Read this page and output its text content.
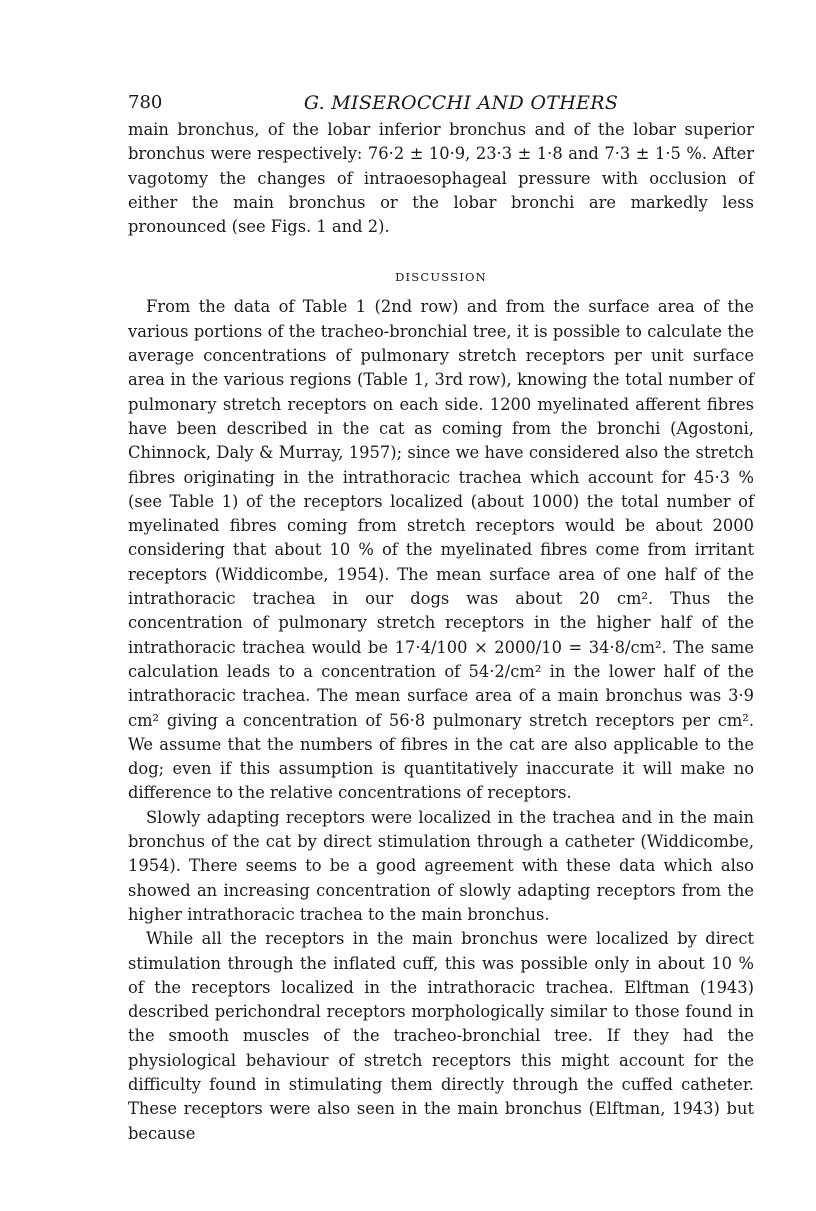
780	G. MISEROCCHI AND OTHERS

main bronchus, of the lobar inferior bronchus and of the lobar superior bronchus were respectively: 76·2 ± 10·9, 23·3 ± 1·8 and 7·3 ± 1·5 %. After vagotomy the changes of intraoesophageal pressure with occlusion of either the main bronchus or the lobar bronchi are markedly less pronounced (see Figs. 1 and 2).

DISCUSSION

From the data of Table 1 (2nd row) and from the surface area of the various portions of the tracheo-bronchial tree, it is possible to calculate the average concentrations of pulmonary stretch receptors per unit surface area in the various regions (Table 1, 3rd row), knowing the total number of pulmonary stretch receptors on each side. 1200 myelinated afferent fibres have been described in the cat as coming from the bronchi (Agostoni, Chinnock, Daly & Murray, 1957); since we have considered also the stretch fibres originating in the intrathoracic trachea which account for 45·3 % (see Table 1) of the receptors localized (about 1000) the total number of myelinated fibres coming from stretch receptors would be about 2000 considering that about 10 % of the myelinated fibres come from irritant receptors (Widdicombe, 1954). The mean surface area of one half of the intrathoracic trachea in our dogs was about 20 cm². Thus the concentration of pulmonary stretch receptors in the higher half of the intrathoracic trachea would be 17·4/100 × 2000/10 = 34·8/cm². The same calculation leads to a concentration of 54·2/cm² in the lower half of the intrathoracic trachea. The mean surface area of a main bronchus was 3·9 cm² giving a concentration of 56·8 pulmonary stretch receptors per cm². We assume that the numbers of fibres in the cat are also applicable to the dog; even if this assumption is quantitatively inaccurate it will make no difference to the relative concentrations of receptors.

Slowly adapting receptors were localized in the trachea and in the main bronchus of the cat by direct stimulation through a catheter (Widdicombe, 1954). There seems to be a good agreement with these data which also showed an increasing concentration of slowly adapting receptors from the higher intrathoracic trachea to the main bronchus.

While all the receptors in the main bronchus were localized by direct stimulation through the inflated cuff, this was possible only in about 10 % of the receptors localized in the intrathoracic trachea. Elftman (1943) described perichondral receptors morphologically similar to those found in the smooth muscles of the tracheo-bronchial tree. If they had the physiological behaviour of stretch receptors this might account for the difficulty found in stimulating them directly through the cuffed catheter. These receptors were also seen in the main bronchus (Elftman, 1943) but because
